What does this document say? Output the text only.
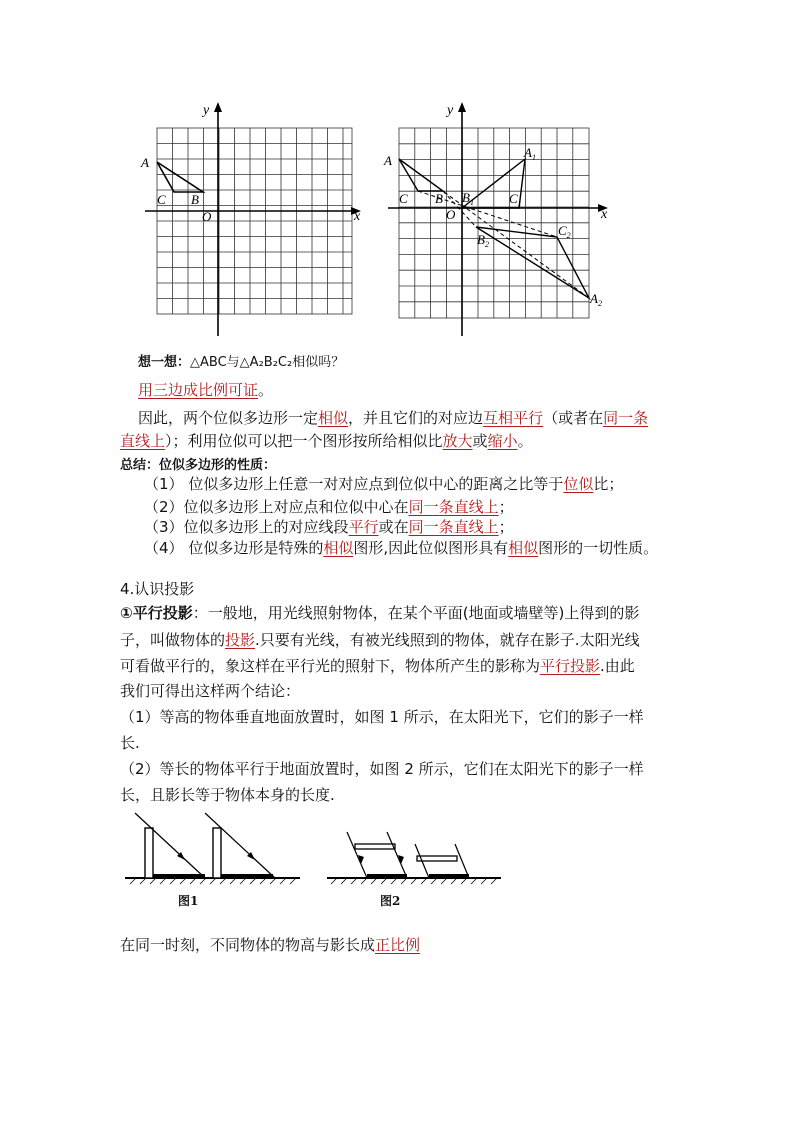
y
x
O
A
C B
y
x
O
A
C B
$A_1$
$B_1$	$C_1$
$C_2$
$B_2$
$A_2$
想一想：△ABC与△A₂B₂C₂相似吗？
用三边成比例可证。
因此，两个位似多边形一定相似，并且它们的对应边互相平行（或者在同一条
直线上）；利用位似可以把一个图形按所给相似比放大或缩小。
总结：位似多边形的性质：
（1） 位似多边形上任意一对对应点到位似中心的距离之比等于位似比；
（2）位似多边形上对应点和位似中心在同一条直线上；
（3）位似多边形上的对应线段平行或在同一条直线上；
（4） 位似多边形是特殊的相似图形,因此位似图形具有相似图形的一切性质。
4.认识投影
①平行投影：一般地，用光线照射物体，在某个平面(地面或墙壁等)上得到的影
子，叫做物体的投影.只要有光线，有被光线照到的物体，就存在影子.太阳光线
可看做平行的，象这样在平行光的照射下，物体所产生的影称为平行投影.由此
我们可得出这样两个结论：
（1）等高的物体垂直地面放置时，如图 1 所示，在太阳光下，它们的影子一样
长.
（2）等长的物体平行于地面放置时，如图 2 所示，它们在太阳光下的影子一样
长，且影长等于物体本身的长度.
图1	图2
在同一时刻，不同物体的物高与影长成正比例
